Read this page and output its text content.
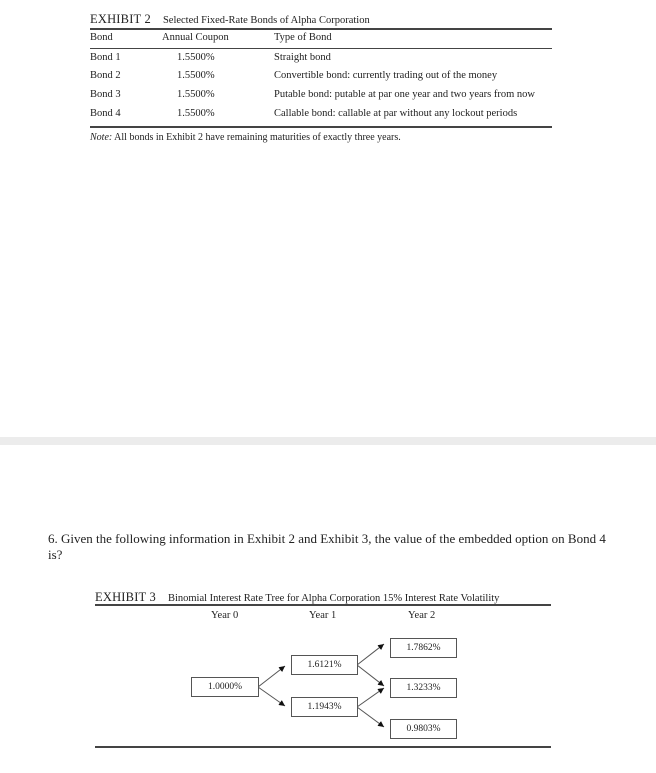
EXHIBIT 2 Selected Fixed-Rate Bonds of Alpha Corporation
Bond	Annual Coupon	Type of Bond
Bond 1	1.5500%	Straight bond
Bond 2	1.5500%	Convertible bond: currently trading out of the money
Bond 3	1.5500%	Putable bond: putable at par one year and two years from now
Bond 4	1.5500%	Callable bond: callable at par without any lockout periods
Note: All bonds in Exhibit 2 have remaining maturities of exactly three years.
6. Given the following information in Exhibit 2 and Exhibit 3, the value of the embedded option on Bond 4 is?
EXHIBIT 3 Binomial Interest Rate Tree for Alpha Corporation 15% Interest Rate Volatility
Year 0	Year 1	Year 2
1.0000%
1.6121%
1.1943%
1.7862%
1.3233%
0.9803%
